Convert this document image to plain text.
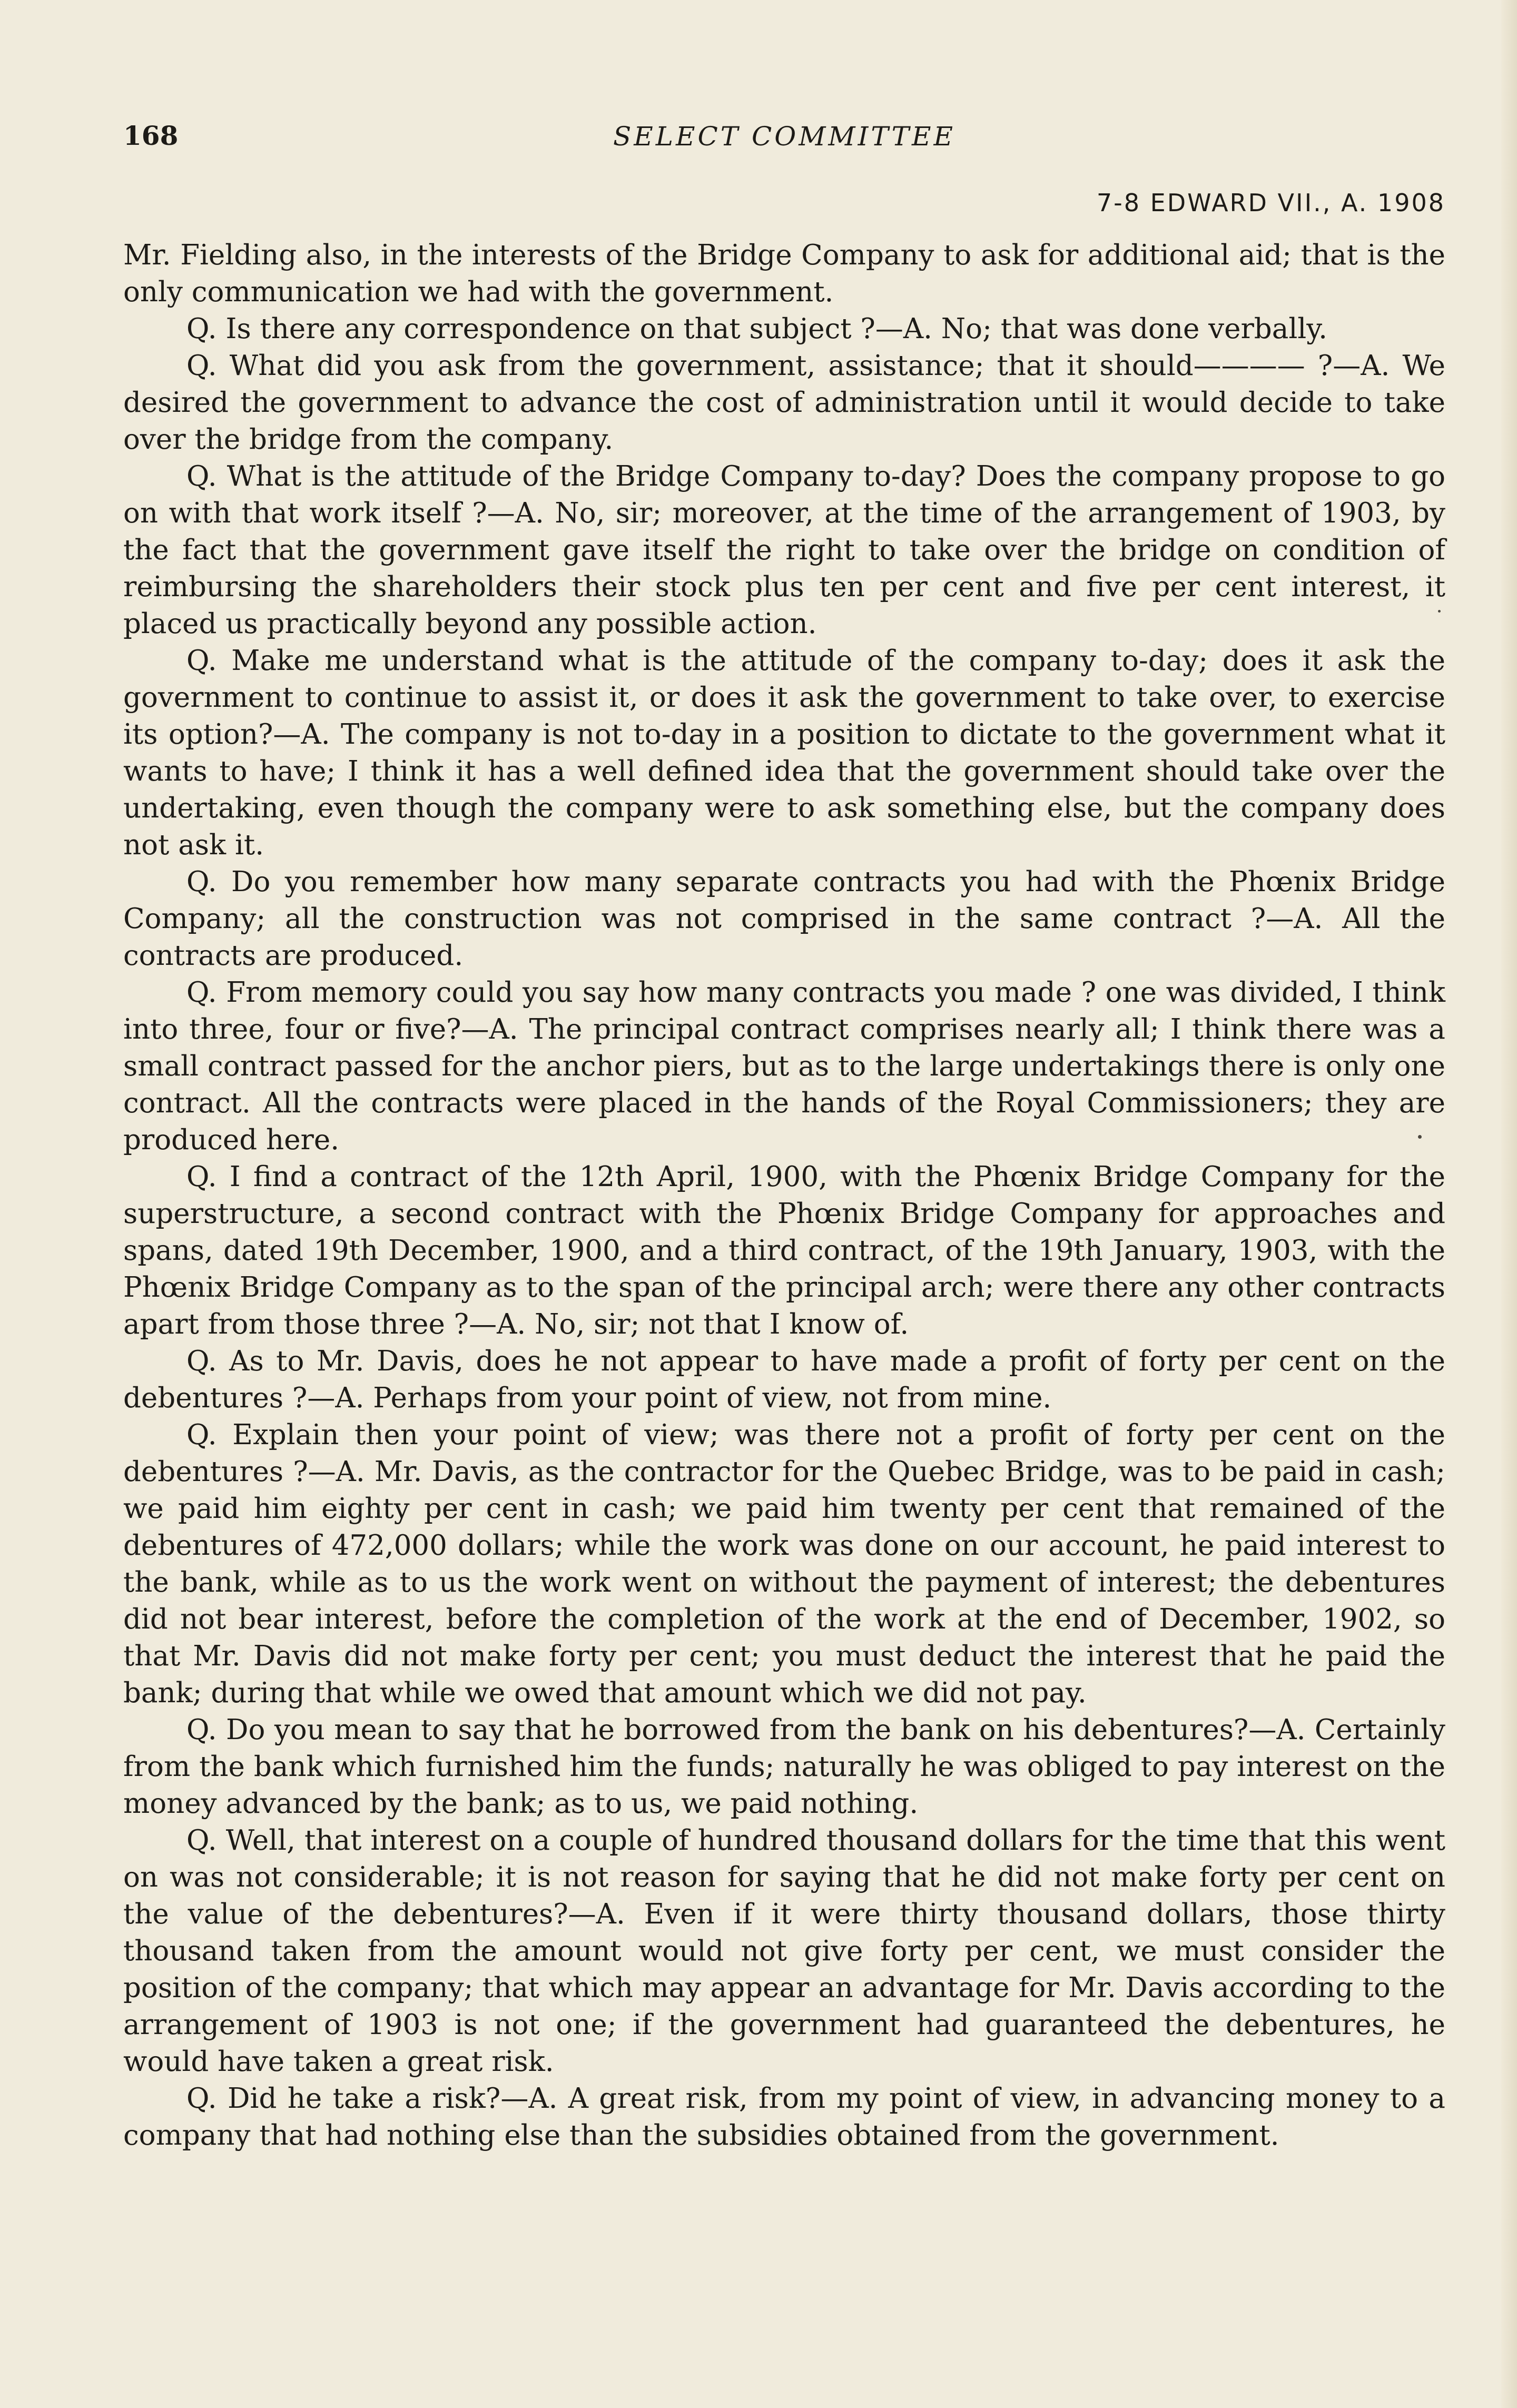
168	SELECT COMMITTEE
7-8 EDWARD VII., A. 1908

Mr. Fielding also, in the interests of the Bridge Company to ask for additional aid; that is the only communication we had with the government.

Q. Is there any correspondence on that subject ?—A. No; that was done verbally.

Q. What did you ask from the government, assistance; that it should———— ?—A. We desired the government to advance the cost of administration until it would decide to take over the bridge from the company.

Q. What is the attitude of the Bridge Company to-day? Does the company propose to go on with that work itself ?—A. No, sir; moreover, at the time of the arrangement of 1903, by the fact that the government gave itself the right to take over the bridge on condition of reimbursing the shareholders their stock plus ten per cent and five per cent interest, it placed us practically beyond any possible action.

Q. Make me understand what is the attitude of the company to-day; does it ask the government to continue to assist it, or does it ask the government to take over, to exercise its option?—A. The company is not to-day in a position to dictate to the government what it wants to have; I think it has a well defined idea that the government should take over the undertaking, even though the company were to ask something else, but the company does not ask it.

Q. Do you remember how many separate contracts you had with the Phœnix Bridge Company; all the construction was not comprised in the same contract ?—A. All the contracts are produced.

Q. From memory could you say how many contracts you made ? one was divided, I think into three, four or five?—A. The principal contract comprises nearly all; I think there was a small contract passed for the anchor piers, but as to the large undertakings there is only one contract. All the contracts were placed in the hands of the Royal Commissioners; they are produced here.

Q. I find a contract of the 12th April, 1900, with the Phœnix Bridge Company for the superstructure, a second contract with the Phœnix Bridge Company for approaches and spans, dated 19th December, 1900, and a third contract, of the 19th January, 1903, with the Phœnix Bridge Company as to the span of the principal arch; were there any other contracts apart from those three ?—A. No, sir; not that I know of.

Q. As to Mr. Davis, does he not appear to have made a profit of forty per cent on the debentures ?—A. Perhaps from your point of view, not from mine.

Q. Explain then your point of view; was there not a profit of forty per cent on the debentures ?—A. Mr. Davis, as the contractor for the Quebec Bridge, was to be paid in cash; we paid him eighty per cent in cash; we paid him twenty per cent that remained of the debentures of 472,000 dollars; while the work was done on our account, he paid interest to the bank, while as to us the work went on without the payment of interest; the debentures did not bear interest, before the completion of the work at the end of December, 1902, so that Mr. Davis did not make forty per cent; you must deduct the interest that he paid the bank; during that while we owed that amount which we did not pay.

Q. Do you mean to say that he borrowed from the bank on his debentures?—A. Certainly from the bank which furnished him the funds; naturally he was obliged to pay interest on the money advanced by the bank; as to us, we paid nothing.

Q. Well, that interest on a couple of hundred thousand dollars for the time that this went on was not considerable; it is not reason for saying that he did not make forty per cent on the value of the debentures?—A. Even if it were thirty thousand dollars, those thirty thousand taken from the amount would not give forty per cent, we must consider the position of the company; that which may appear an advantage for Mr. Davis according to the arrangement of 1903 is not one; if the government had guaranteed the debentures, he would have taken a great risk.

Q. Did he take a risk?—A. A great risk, from my point of view, in advancing money to a company that had nothing else than the subsidies obtained from the government.
